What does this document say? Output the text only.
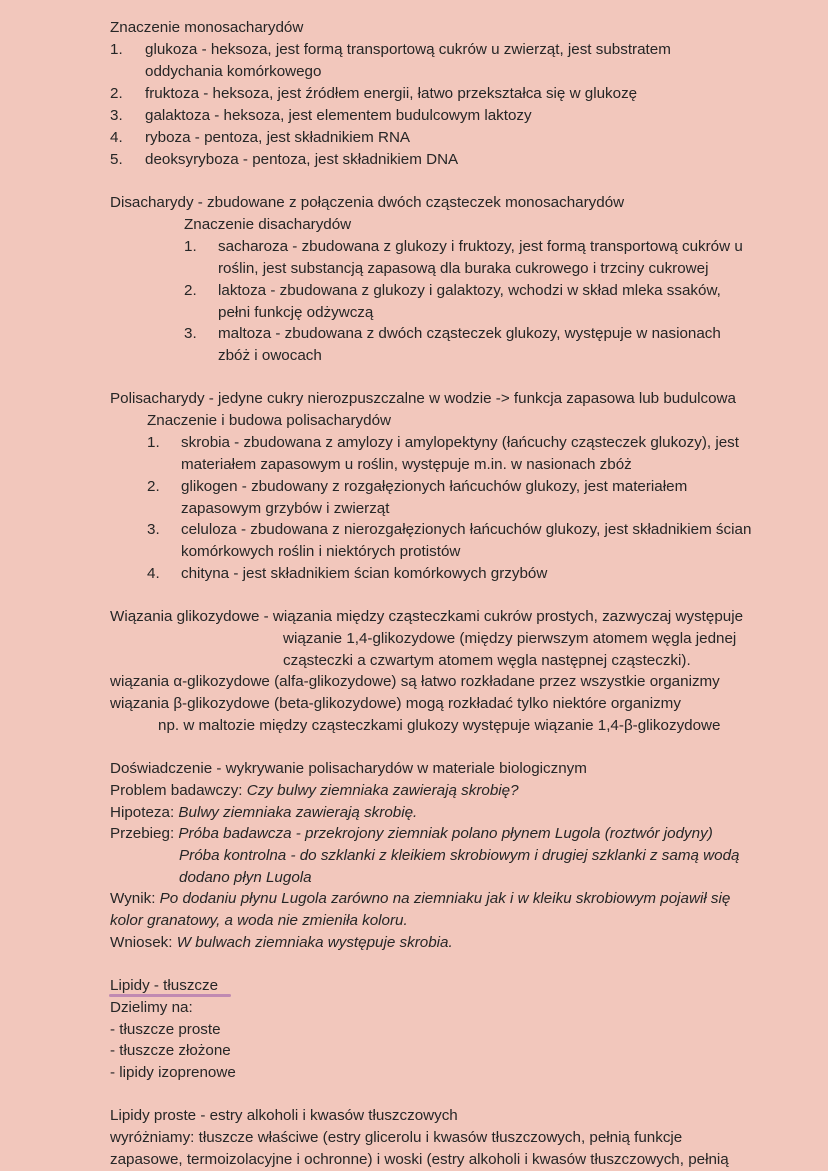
Znaczenie monosacharydów
1. glukoza - heksoza, jest formą transportową cukrów u zwierząt, jest substratem
oddychania komórkowego
2. fruktoza - heksoza, jest źródłem energii, łatwo przekształca się w glukozę
3. galaktoza - heksoza, jest elementem budulcowym laktozy
4. ryboza - pentoza, jest składnikiem RNA
5. deoksyryboza - pentoza, jest składnikiem DNA
Disacharydy - zbudowane z połączenia dwóch cząsteczek monosacharydów
Znaczenie disacharydów
1. sacharoza - zbudowana z glukozy i fruktozy, jest formą transportową cukrów u
roślin, jest substancją zapasową dla buraka cukrowego i trzciny cukrowej
2. laktoza - zbudowana z glukozy i galaktozy, wchodzi w skład mleka ssaków,
pełni funkcję odżywczą
3. maltoza - zbudowana z dwóch cząsteczek glukozy, występuje w nasionach
zbóż i owocach
Polisacharydy - jedyne cukry nierozpuszczalne w wodzie -> funkcja zapasowa lub budulcowa
Znaczenie i budowa polisacharydów
1. skrobia - zbudowana z amylozy i amylopektyny (łańcuchy cząsteczek glukozy), jest
materiałem zapasowym u roślin, występuje m.in. w nasionach zbóż
2. glikogen - zbudowany z rozgałęzionych łańcuchów glukozy, jest materiałem
zapasowym grzybów i zwierząt
3. celuloza - zbudowana z nierozgałęzionych łańcuchów glukozy, jest składnikiem ścian
komórkowych roślin i niektórych protistów
4. chityna - jest składnikiem ścian komórkowych grzybów
Wiązania glikozydowe - wiązania między cząsteczkami cukrów prostych, zazwyczaj występuje
wiązanie 1,4-glikozydowe (między pierwszym atomem węgla jednej
cząsteczki a czwartym atomem węgla następnej cząsteczki).
wiązania α-glikozydowe (alfa-glikozydowe) są łatwo rozkładane przez wszystkie organizmy
wiązania β-glikozydowe (beta-glikozydowe) mogą rozkładać tylko niektóre organizmy
np. w maltozie między cząsteczkami glukozy występuje wiązanie 1,4-β-glikozydowe
Doświadczenie - wykrywanie polisacharydów w materiale biologicznym
Problem badawczy: Czy bulwy ziemniaka zawierają skrobię?
Hipoteza: Bulwy ziemniaka zawierają skrobię.
Przebieg: Próba badawcza - przekrojony ziemniak polano płynem Lugola (roztwór jodyny)
Próba kontrolna - do szklanki z kleikiem skrobiowym i drugiej szklanki z samą wodą
dodano płyn Lugola
Wynik: Po dodaniu płynu Lugola zarówno na ziemniaku jak i w kleiku skrobiowym pojawił się
kolor granatowy, a woda nie zmieniła koloru.
Wniosek: W bulwach ziemniaka występuje skrobia.
Lipidy - tłuszcze
Dzielimy na:
- tłuszcze proste
- tłuszcze złożone
- lipidy izoprenowe
Lipidy proste - estry alkoholi i kwasów tłuszczowych
wyróżniamy: tłuszcze właściwe (estry glicerolu i kwasów tłuszczowych, pełnią funkcje
zapasowe, termoizolacyjne i ochronne) i woski (estry alkoholi i kwasów tłuszczowych, pełnią
